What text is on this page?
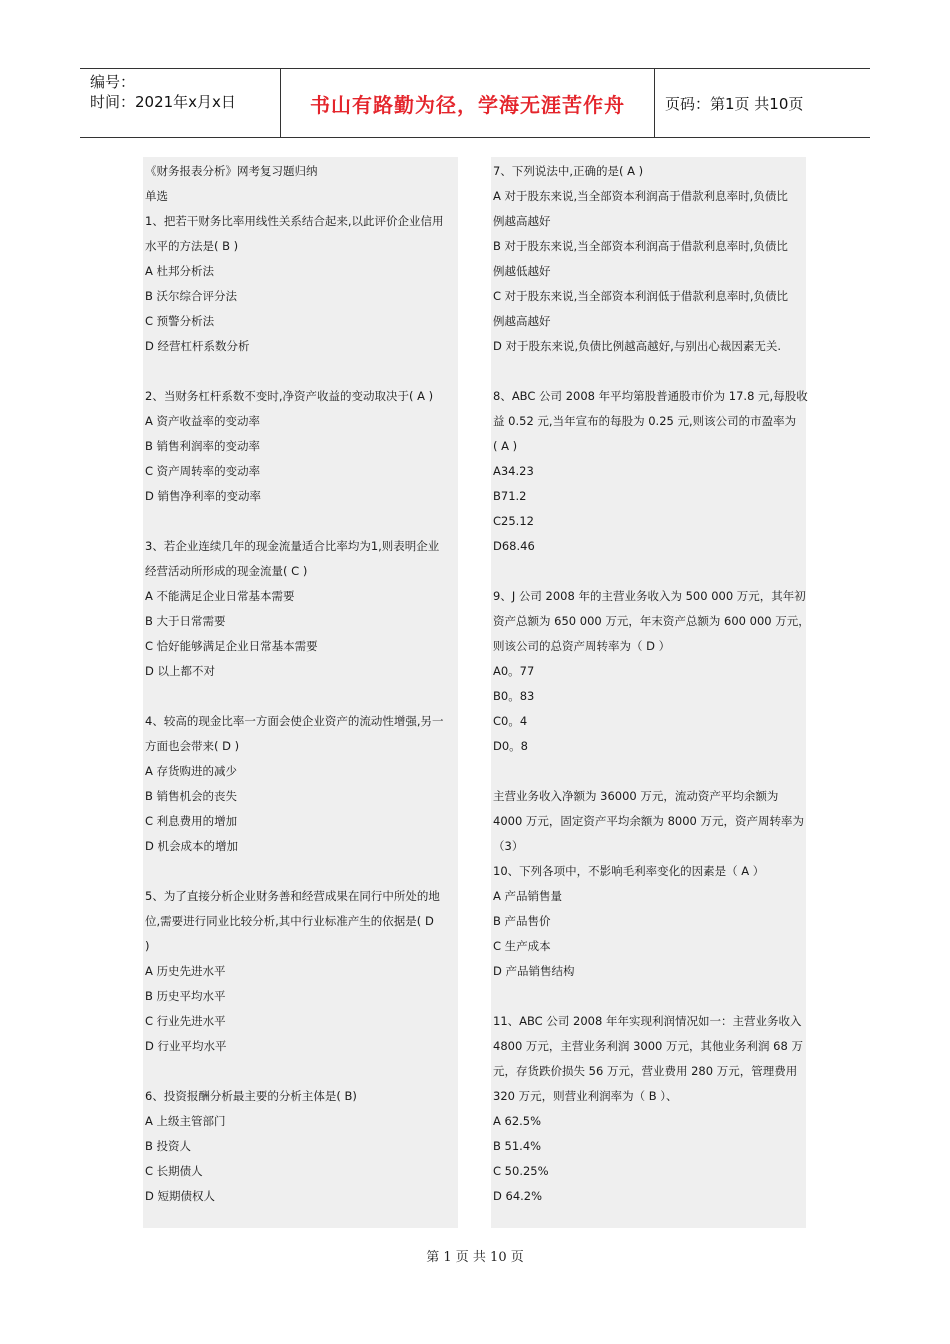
编号：
时间：2021年x月x日	书山有路勤为径，学海无涯苦作舟	页码：第1页 共10页
《财务报表分析》网考复习题归纳
单选
1、把若干财务比率用线性关系结合起来,以此评价企业信用
水平的方法是( B )
A 杜邦分析法
B 沃尔综合评分法
C 预警分析法
D 经营杠杆系数分析
2、当财务杠杆系数不变时,净资产收益的变动取决于( A )
A 资产收益率的变动率
B 销售利润率的变动率
C 资产周转率的变动率
D 销售净利率的变动率
3、若企业连续几年的现金流量适合比率均为1,则表明企业
经营活动所形成的现金流量( C )
A 不能满足企业日常基本需要
B 大于日常需要
C 恰好能够满足企业日常基本需要
D 以上都不对
4、较高的现金比率一方面会使企业资产的流动性增强,另一
方面也会带来( D )
A 存货购进的减少
B 销售机会的丧失
C 利息费用的增加
D 机会成本的增加
5、为了直接分析企业财务善和经营成果在同行中所处的地
位,需要进行同业比较分析,其中行业标准产生的依据是( D
)
A 历史先进水平
B 历史平均水平
C 行业先进水平
D 行业平均水平
6、投资报酬分析最主要的分析主体是( B)
A 上级主管部门
B 投资人
C 长期债人
D 短期债权人
7、下列说法中,正确的是( A )
A 对于股东来说,当全部资本利润高于借款利息率时,负债比
例越高越好
B 对于股东来说,当全部资本利润高于借款利息率时,负债比
例越低越好
C 对于股东来说,当全部资本利润低于借款利息率时,负债比
例越高越好
D 对于股东来说,负债比例越高越好,与别出心裁因素无关.
8、ABC 公司 2008 年平均第股普通股市价为 17.8 元,每股收
益 0.52 元,当年宣布的每股为 0.25 元,则该公司的市盈率为
( A )
A34.23
B71.2
C25.12
D68.46
9、J 公司 2008 年的主营业务收入为 500 000 万元，其年初
资产总额为 650 000 万元，年末资产总额为 600 000 万元，
则该公司的总资产周转率为（ D ）
A0。77
B0。83
C0。4
D0。8
主营业务收入净额为 36000 万元，流动资产平均余额为
4000 万元，固定资产平均余额为 8000 万元，资产周转率为
（3）
10、下列各项中，不影响毛利率变化的因素是（ A ）
A 产品销售量
B 产品售价
C 生产成本
D 产品销售结构
11、ABC 公司 2008 年年实现利润情况如一：主营业务收入
4800 万元，主营业务利润 3000 万元，其他业务利润 68 万
元，存货跌价损失 56 万元，营业费用 280 万元，管理费用
320 万元，则营业利润率为（ B ）、
A 62.5%
B 51.4%
C 50.25%
D 64.2%
第 1 页 共 10 页
